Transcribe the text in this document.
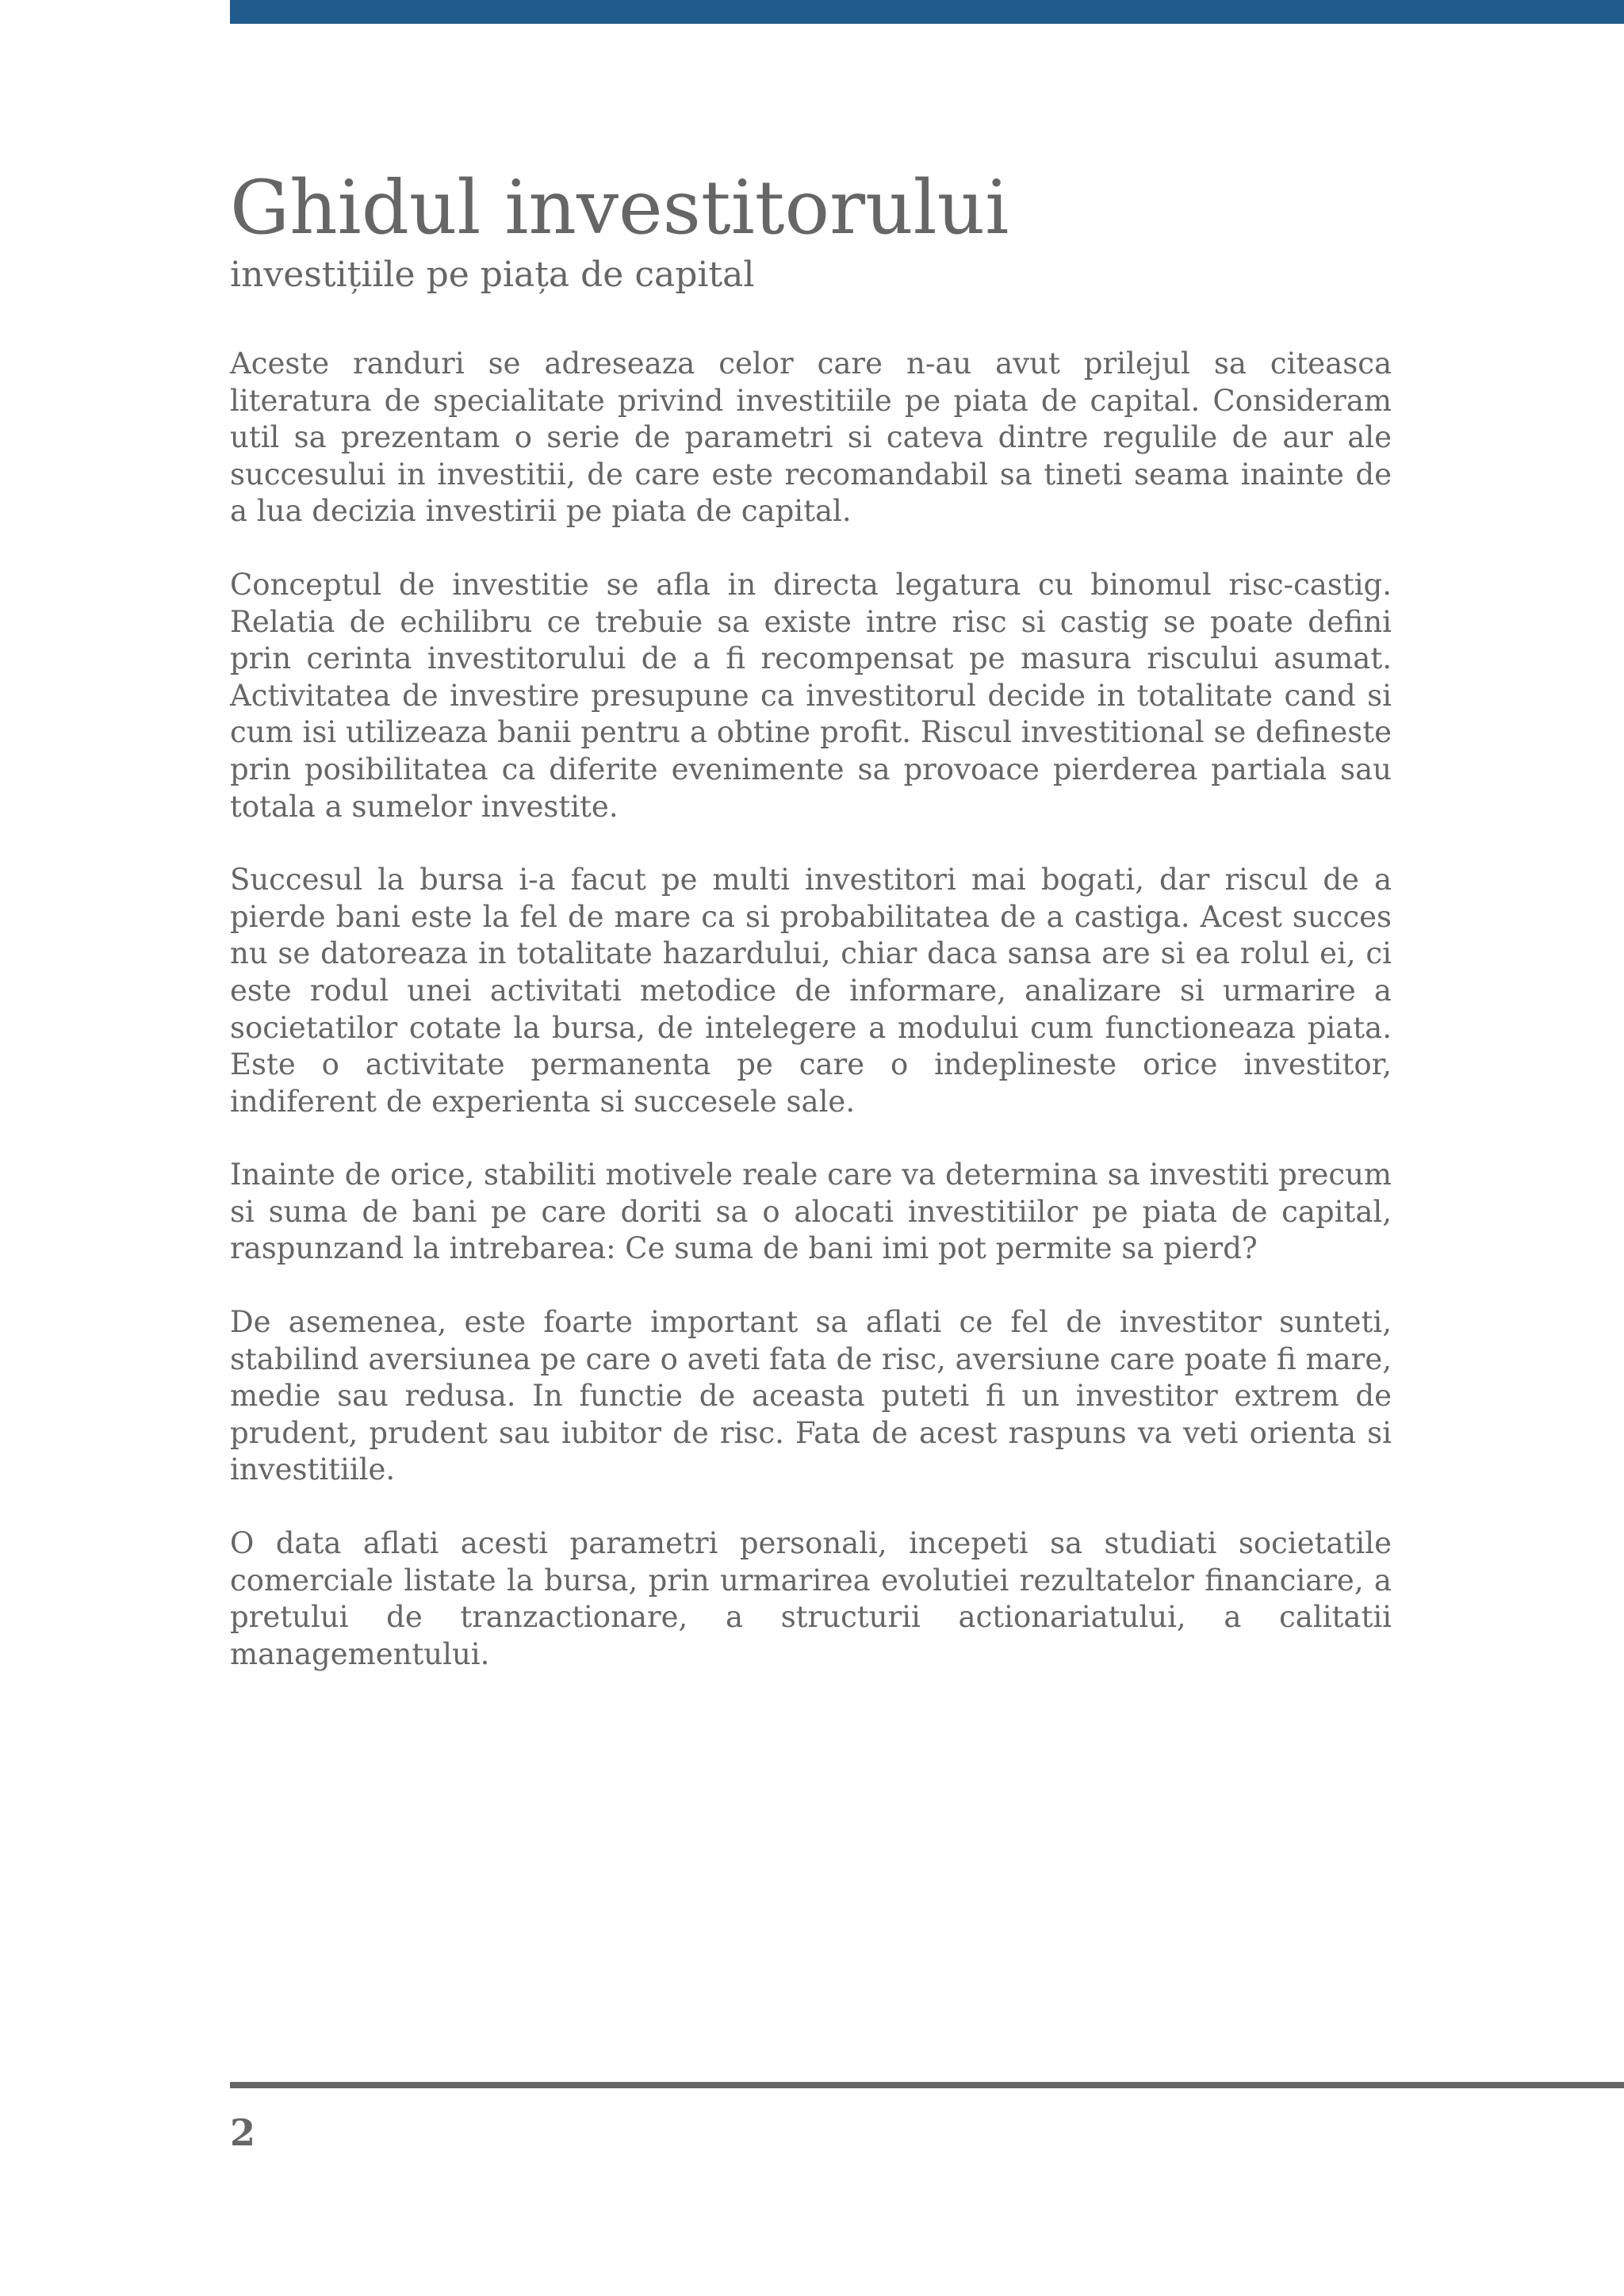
Ghidul investitorului
investițiile pe piața de capital

Aceste randuri se adreseaza celor care n-au avut prilejul sa citeasca literatura de specialitate privind investitiile pe piata de capital. Consideram util sa prezentam o serie de parametri si cateva dintre regulile de aur ale succesului in investitii, de care este recomandabil sa tineti seama inainte de a lua decizia investirii pe piata de capital.

Conceptul de investitie se afla in directa legatura cu binomul risc-castig. Relatia de echilibru ce trebuie sa existe intre risc si castig se poate defini prin cerinta investitorului de a fi recompensat pe masura riscului asumat. Activitatea de investire presupune ca investitorul decide in totalitate cand si cum isi utilizeaza banii pentru a obtine profit. Riscul investitional se defineste prin posibilitatea ca diferite evenimente sa provoace pierderea partiala sau totala a sumelor investite.

Succesul la bursa i-a facut pe multi investitori mai bogati, dar riscul de a pierde bani este la fel de mare ca si probabilitatea de a castiga. Acest succes nu se datoreaza in totalitate hazardului, chiar daca sansa are si ea rolul ei, ci este rodul unei activitati metodice de informare, analizare si urmarire a societatilor cotate la bursa, de intelegere a modului cum functioneaza piata. Este o activitate permanenta pe care o indeplineste orice investitor, indiferent de experienta si succesele sale.

Inainte de orice, stabiliti motivele reale care va determina sa investiti precum si suma de bani pe care doriti sa o alocati investitiilor pe piata de capital, raspunzand la intrebarea: Ce suma de bani imi pot permite sa pierd?

De asemenea, este foarte important sa aflati ce fel de investitor sunteti, stabilind aversiunea pe care o aveti fata de risc, aversiune care poate fi mare, medie sau redusa. In functie de aceasta puteti fi un investitor extrem de prudent, prudent sau iubitor de risc. Fata de acest raspuns va veti orienta si investitiile.

O data aflati acesti parametri personali, incepeti sa studiati societatile comerciale listate la bursa, prin urmarirea evolutiei rezultatelor financiare, a pretului de tranzactionare, a structurii actionariatului, a calitatii managementului.

2
